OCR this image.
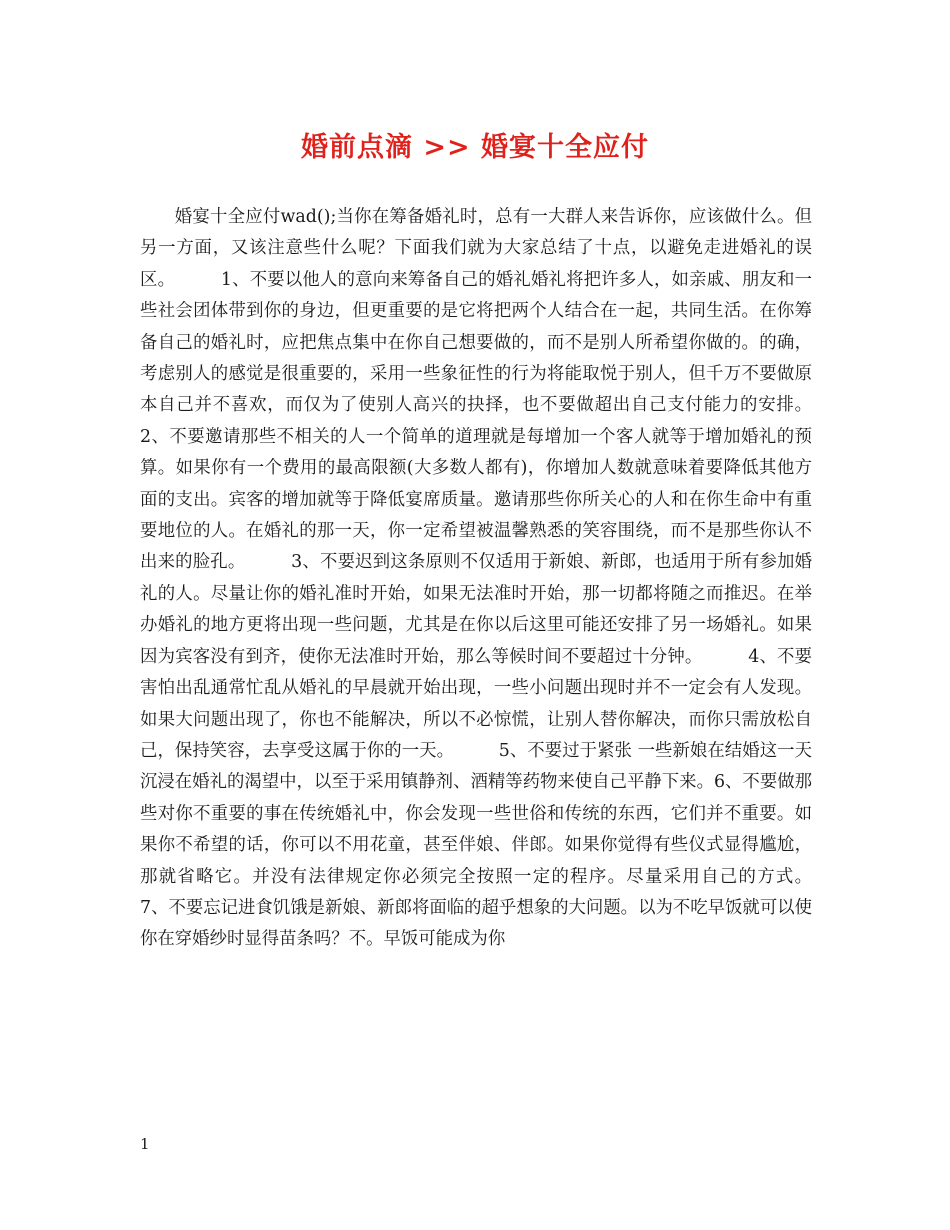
婚前点滴 >> 婚宴十全应付

婚宴十全应付wad();当你在筹备婚礼时，总有一大群人来告诉你，应该做什么。但另一方面，又该注意些什么呢？下面我们就为大家总结了十点，以避免走进婚礼的误区。        1、不要以他人的意向来筹备自己的婚礼婚礼将把许多人，如亲戚、朋友和一些社会团体带到你的身边，但更重要的是它将把两个人结合在一起，共同生活。在你筹备自己的婚礼时，应把焦点集中在你自己想要做的，而不是别人所希望你做的。的确，考虑别人的感觉是很重要的，采用一些象征性的行为将能取悦于别人，但千万不要做原本自己并不喜欢，而仅为了使别人高兴的抉择，也不要做超出自己支付能力的安排。        2、不要邀请那些不相关的人一个简单的道理就是每增加一个客人就等于增加婚礼的预算。如果你有一个费用的最高限额(大多数人都有)，你增加人数就意味着要降低其他方面的支出。宾客的增加就等于降低宴席质量。邀请那些你所关心的人和在你生命中有重要地位的人。在婚礼的那一天，你一定希望被温馨熟悉的笑容围绕，而不是那些你认不出来的脸孔。        3、不要迟到这条原则不仅适用于新娘、新郎，也适用于所有参加婚礼的人。尽量让你的婚礼准时开始，如果无法准时开始，那一切都将随之而推迟。在举办婚礼的地方更将出现一些问题，尤其是在你以后这里可能还安排了另一场婚礼。如果因为宾客没有到齐，使你无法准时开始，那么等候时间不要超过十分钟。        4、不要害怕出乱通常忙乱从婚礼的早晨就开始出现，一些小问题出现时并不一定会有人发现。如果大问题出现了，你也不能解决，所以不必惊慌，让别人替你解决，而你只需放松自己，保持笑容，去享受这属于你的一天。        5、不要过于紧张 一些新娘在结婚这一天沉浸在婚礼的渴望中，以至于采用镇静剂、酒精等药物来使自己平静下来。6、不要做那些对你不重要的事在传统婚礼中，你会发现一些世俗和传统的东西，它们并不重要。如果你不希望的话，你可以不用花童，甚至伴娘、伴郎。如果你觉得有些仪式显得尴尬，那就省略它。并没有法律规定你必须完全按照一定的程序。尽量采用自己的方式。        7、不要忘记进食饥饿是新娘、新郎将面临的超乎想象的大问题。以为不吃早饭就可以使你在穿婚纱时显得苗条吗？不。早饭可能成为你

1
